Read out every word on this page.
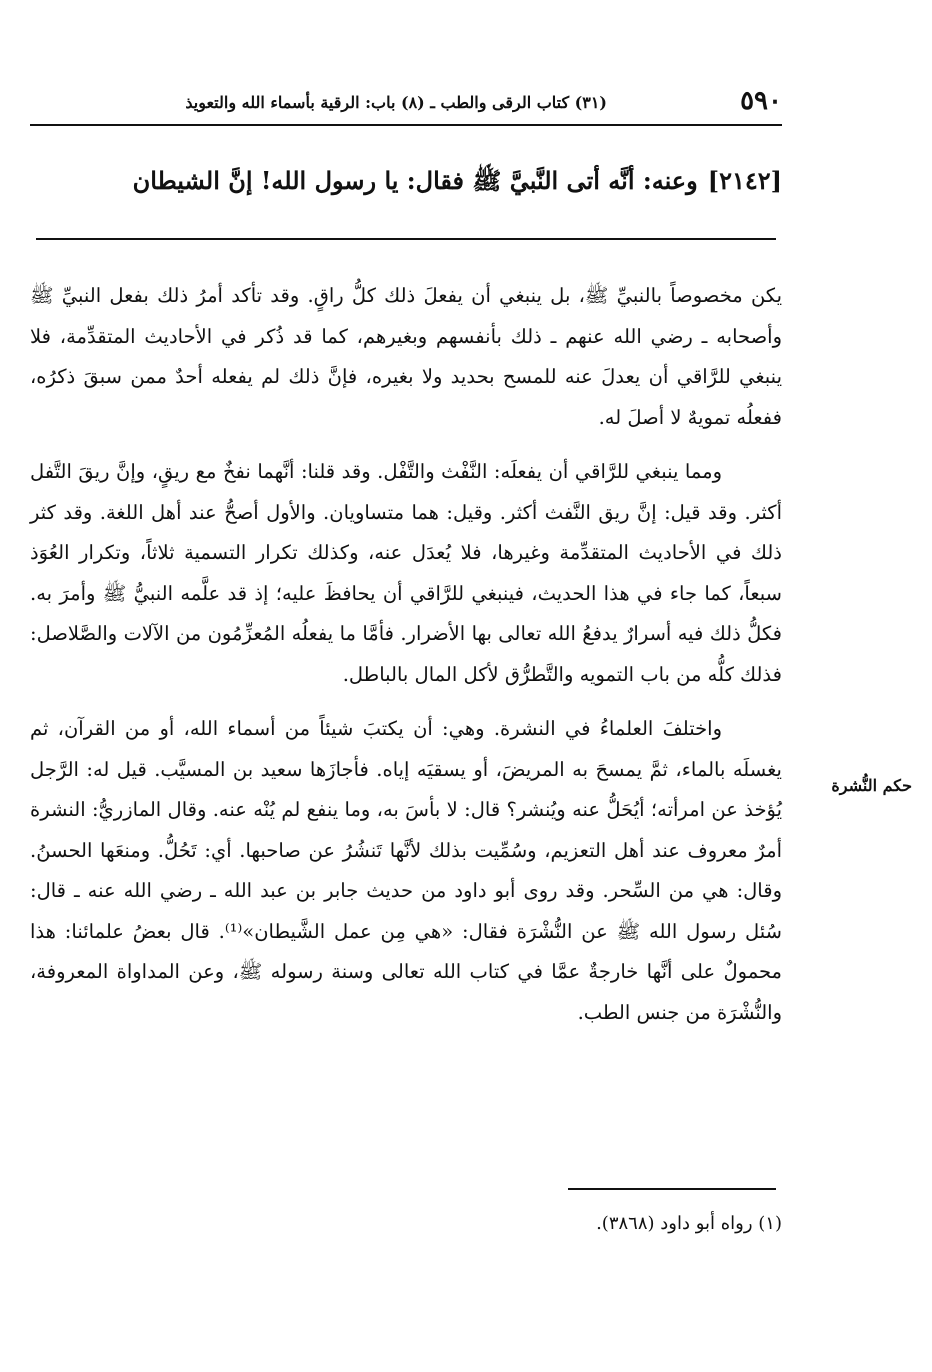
٥٩٠
(٣١) كتاب الرقى والطب ـ (٨) باب: الرقية بأسماء الله والتعويذ
[٢١٤٢]وعنه: أنَّه أتى النَّبيَّ ﷺ فقال: يا رسول الله! إنَّ الشيطان

يكن مخصوصاً بالنبيِّ ﷺ، بل ينبغي أن يفعلَ ذلك كلُّ راقٍ. وقد تأكد أمرُ ذلك بفعل النبيِّ ﷺ وأصحابه ـ رضي الله عنهم ـ ذلك بأنفسهم وبغيرهم، كما قد ذُكر في الأحاديث المتقدِّمة، فلا ينبغي للرَّاقي أن يعدلَ عنه للمسح بحديد ولا بغيره، فإنَّ ذلك لم يفعله أحدٌ ممن سبقَ ذكرُه، ففعلُه تمويهٌ لا أصلَ له.

ومما ينبغي للرَّاقي أن يفعلَه: النَّفْث والتَّفْل. وقد قلنا: أنَّهما نفخٌ مع ريقٍ، وإنَّ ريقَ التَّفل أكثر. وقد قيل: إنَّ ريق النَّفث أكثر. وقيل: هما متساويان. والأول أصحُّ عند أهل اللغة. وقد كثر ذلك في الأحاديث المتقدِّمة وغيرها، فلا يُعدَل عنه، وكذلك تكرار التسمية ثلاثاً، وتكرار العُوَذ سبعاً، كما جاء في هذا الحديث، فينبغي للرَّاقي أن يحافظَ عليه؛ إذ قد علَّمه النبيُّ ﷺ وأمرَ به. فكلُّ ذلك فيه أسرارٌ يدفعُ الله تعالى بها الأضرار. فأمَّا ما يفعلُه المُعزِّمُون من الآلات والصَّلاصل: فذلك كلُّه من باب التمويه والتَّطرُّق لأكل المال بالباطل.

واختلفَ العلماءُ في النشرة. وهي: أن يكتبَ شيئاً من أسماء الله، أو من القرآن، ثم يغسلَه بالماء، ثمَّ يمسحَ به المريضَ، أو يسقيَه إياه. فأجازَها سعيد بن المسيَّب. قيل له: الرَّجل يُؤخذ عن امرأته؛ أيُحَلُّ عنه ويُنشر؟ قال: لا بأسَ به، وما ينفع لم يُنْه عنه. وقال المازريُّ: النشرة أمرٌ معروف عند أهل التعزيم، وسُمِّيت بذلك لأنَّها تَنشُرُ عن صاحبها. أي: تَحُلُّ. ومنعَها الحسنُ. وقال: هي من السِّحر. وقد روى أبو داود من حديث جابر بن عبد الله ـ رضي الله عنه ـ قال: سُئل رسول الله ﷺ عن النُّشْرَة فقال: «هي مِن عمل الشَّيطان»⁽¹⁾. قال بعضُ علمائنا: هذا محمولٌ على أنَّها خارجةٌ عمَّا في كتاب الله تعالى وسنة رسوله ﷺ، وعن المداواة المعروفة، والنُّشْرَة من جنس الطب.

حكم النُّشرة
(١) رواه أبو داود (٣٨٦٨).
